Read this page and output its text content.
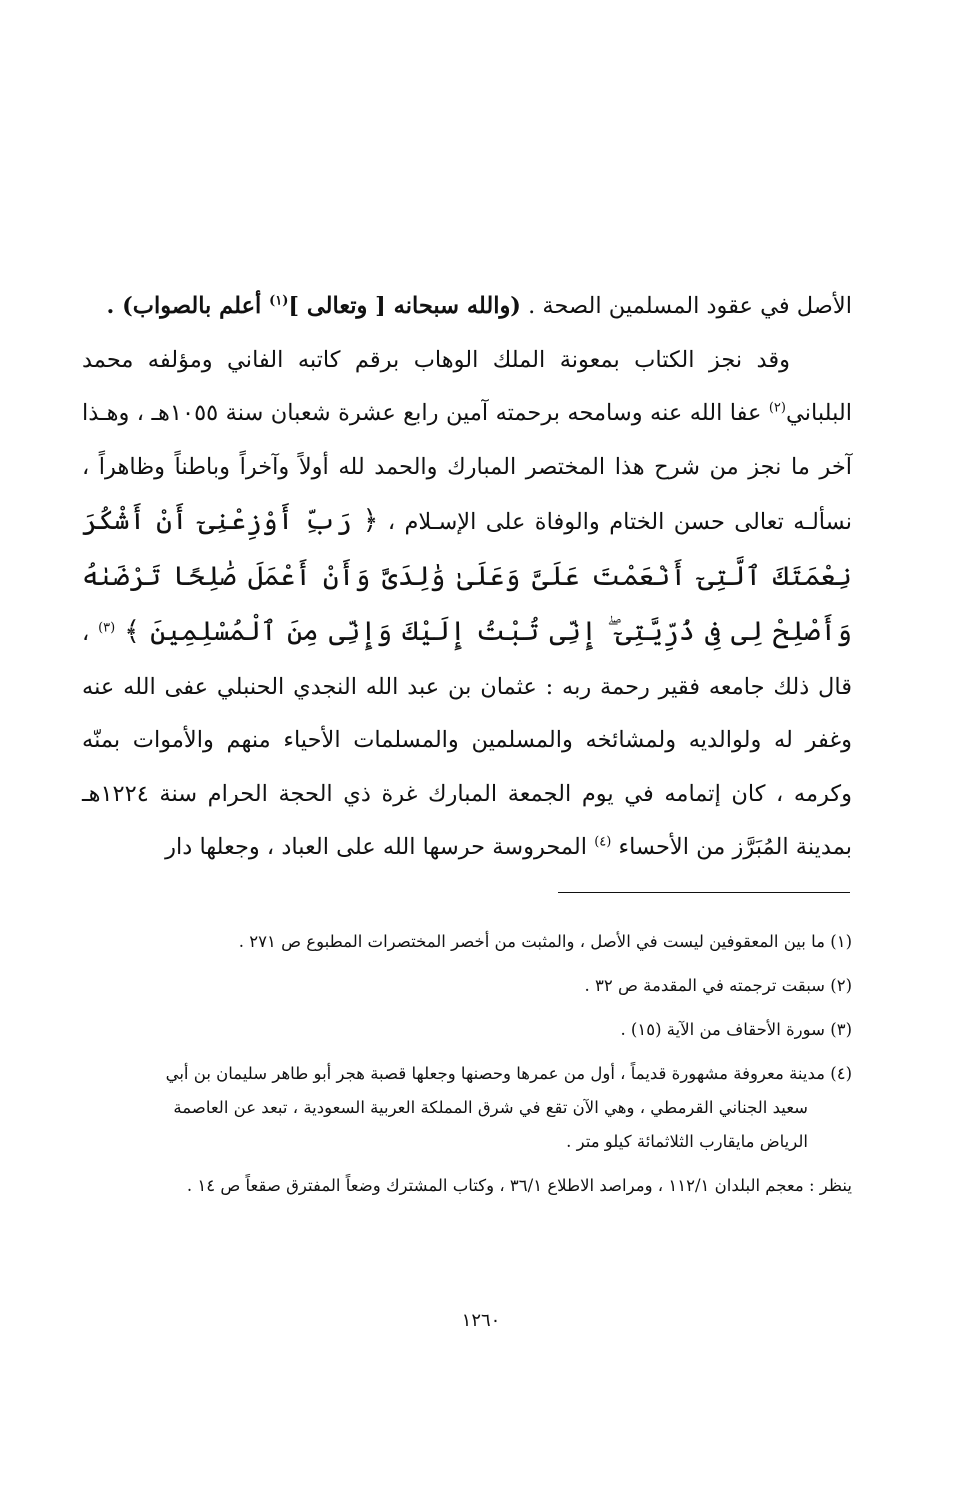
الأصل في عقود المسلمين الصحة . (والله سبحانه [ وتعالى ]$^{(١)}$ أعلم بالصواب) .

وقد نجز الكتاب بمعونة الملك الوهاب برقم كاتبه الفاني ومؤلفه محمد البلباني$^{(٢)}$ عفا الله عنه وسامحه برحمته آمين رابع عشرة شعبان سنة ١٠٥٥هـ ، وهـذا آخر ما نجز من شرح هذا المختصر المبارك والحمد لله أولاً وآخراً وباطناً وظاهراً ، نسألـه تعالى حسن الختام والوفاة على الإسـلام ، ﴿ رَبِّ أَوْزِعْنِىٓ أَنْ أَشْكُرَ نِعْمَتَكَ ٱلَّتِىٓ أَنْعَمْتَ عَلَىَّ وَعَلَىٰ وَٰلِدَىَّ وَأَنْ أَعْمَلَ صَٰلِحًا تَرْضَىٰهُ وَأَصْلِحْ لِى فِى ذُرِّيَّتِىٓ ۖ إِنِّى تُبْتُ إِلَيْكَ وَإِنِّى مِنَ ٱلْمُسْلِمِينَ ﴾ $^{(٣)}$ ، قال ذلك جامعه فقير رحمة ربه : عثمان بن عبد الله النجدي الحنبلي عفى الله عنه وغفر له ولوالديه ولمشائخه والمسلمين والمسلمات الأحياء منهم والأموات بمنّه وكرمه ، كان إتمامه في يوم الجمعة المبارك غرة ذي الحجة الحرام سنة ١٢٢٤هـ بمدينة المُبَرَّز من الأحساء $^{(٤)}$ المحروسة حرسها الله على العباد ، وجعلها دار

(١) ما بين المعقوفين ليست في الأصل ، والمثبت من أخصر المختصرات المطبوع ص ٢٧١ .

(٢) سبقت ترجمته في المقدمة ص ٣٢ .

(٣) سورة الأحقاف من الآية (١٥) .

(٤) مدينة معروفة مشهورة قديماً ، أول من عمرها وحصنها وجعلها قصبة هجر أبو طاهر سليمان بن أبي
سعيد الجناني القرمطي ، وهي الآن تقع في شرق المملكة العربية السعودية ، تبعد عن العاصمة
الرياض مايقارب الثلاثمائة كيلو متر .

ينظر : معجم البلدان ١١٢/١ ، ومراصد الاطلاع ٣٦/١ ، وكتاب المشترك وضعاً المفترق صقعاً ص ١٤ .

١٢٦٠
